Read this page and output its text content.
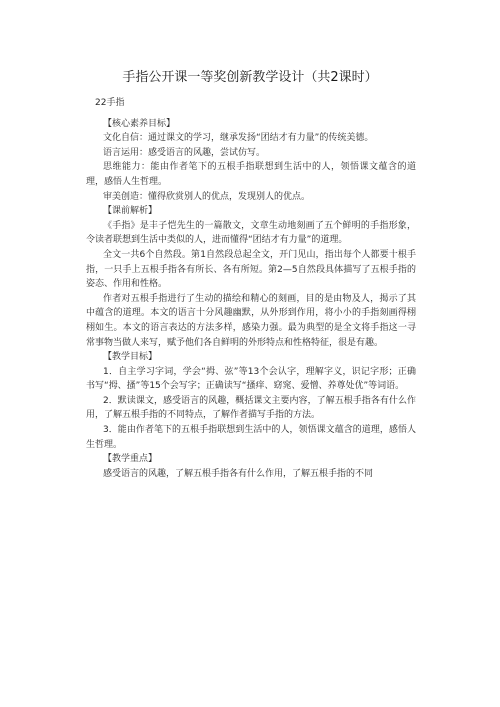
手指公开课一等奖创新教学设计（共2课时）

22手指

【核心素养目标】

文化自信：通过课文的学习，继承发扬“团结才有力量”的传统美德。

语言运用：感受语言的风趣，尝试仿写。

思维能力：能由作者笔下的五根手指联想到生活中的人，领悟课文蕴含的道理，感悟人生哲理。

审美创造：懂得欣赏别人的优点，发现别人的优点。

【课前解析】

《手指》是丰子恺先生的一篇散文，文章生动地刻画了五个鲜明的手指形象，令读者联想到生活中类似的人，进而懂得“团结才有力量”的道理。

全文一共6个自然段。第1自然段总起全文，开门见山，指出每个人都要十根手指，一只手上五根手指各有所长、各有所短。第2—5自然段具体描写了五根手指的姿态、作用和性格。

作者对五根手指进行了生动的描绘和精心的刻画，目的是由物及人，揭示了其中蕴含的道理。本文的语言十分风趣幽默，从外形到作用，将小小的手指刻画得栩栩如生。本文的语言表达的方法多样，感染力强。最为典型的是全文将手指这一寻常事物当做人来写，赋予他们各自鲜明的外形特点和性格特征，很是有趣。

【教学目标】

1．自主学习字词，学会“拇、弦”等13个会认字，理解字义，识记字形；正确书写“拇、搔”等15个会写字；正确读写“搔痒、窈窕、爱憎、养尊处优”等词语。

2．默读课文，感受语言的风趣，概括课文主要内容，了解五根手指各有什么作用，了解五根手指的不同特点，了解作者描写手指的方法。

3．能由作者笔下的五根手指联想到生活中的人，领悟课文蕴含的道理，感悟人生哲理。

【教学重点】

感受语言的风趣，了解五根手指各有什么作用，了解五根手指的不同
